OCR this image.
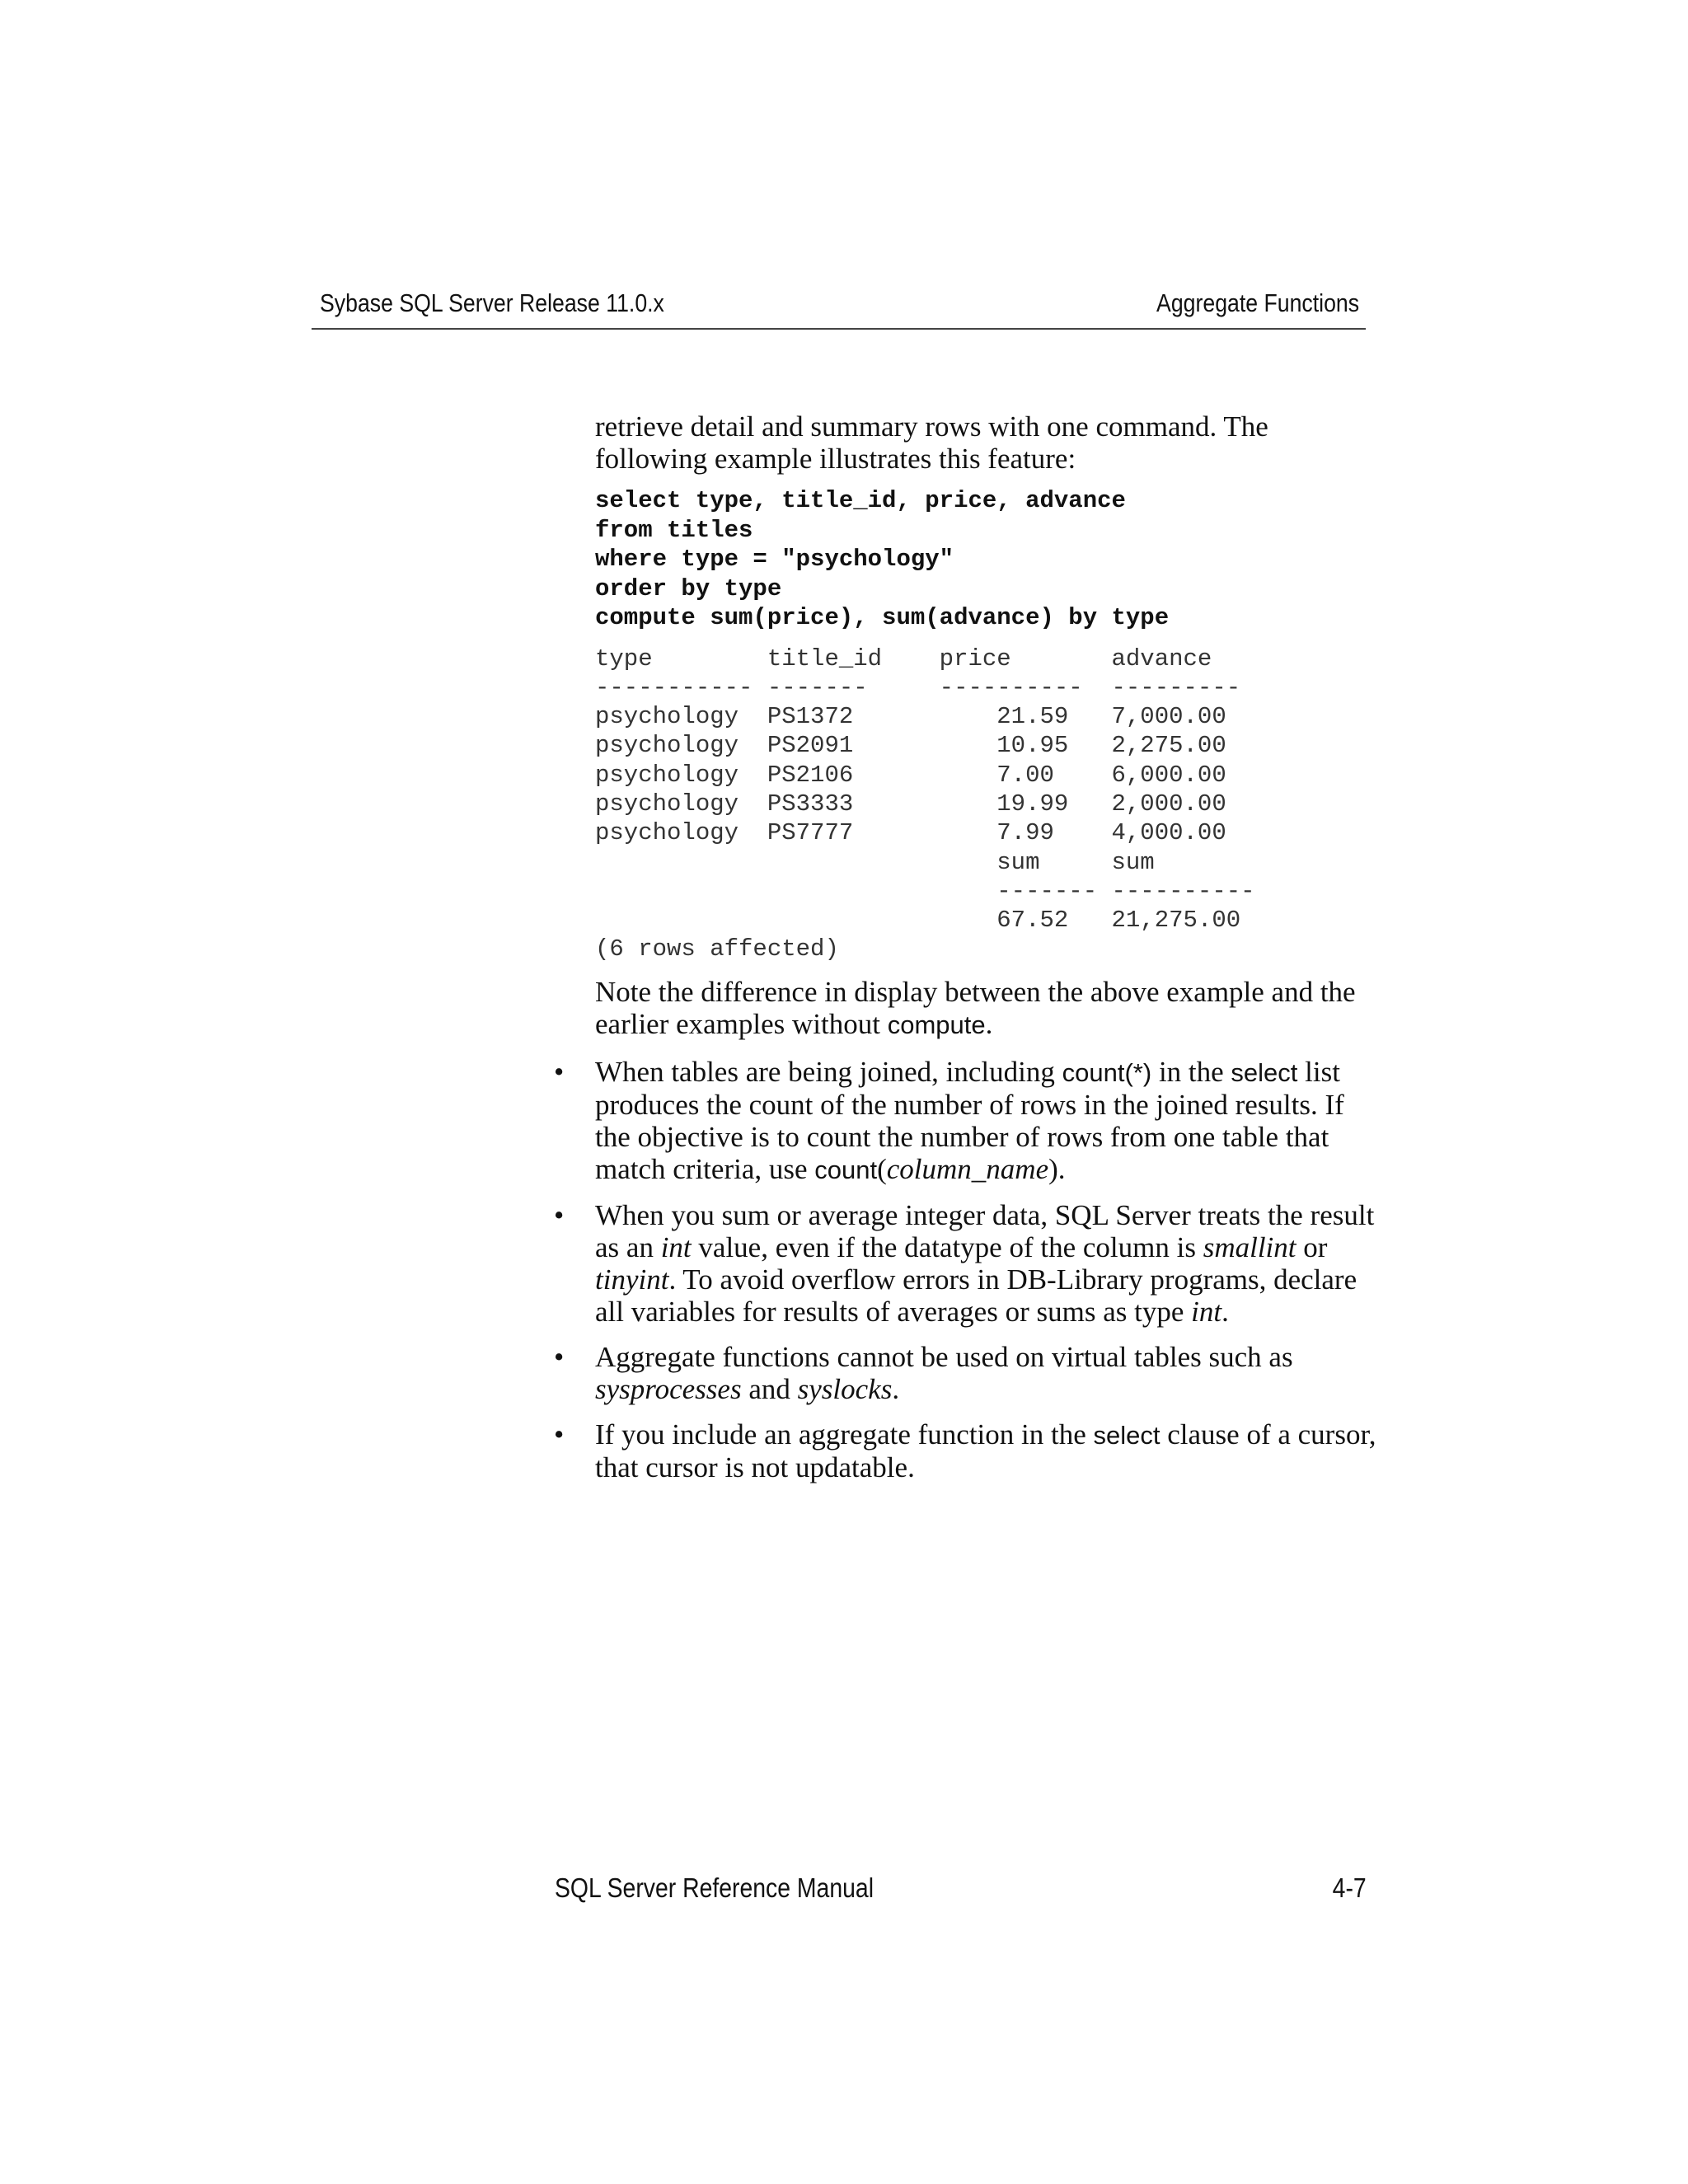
Sybase SQL Server Release 11.0.x	Aggregate Functions

retrieve detail and summary rows with one command. The following example illustrates this feature:

select type, title_id, price, advance
from titles
where type = "psychology"
order by type
compute sum(price), sum(advance) by type
type        title_id    price       advance
----------- -------     ----------  ---------
psychology  PS1372          21.59   7,000.00
psychology  PS2091          10.95   2,275.00
psychology  PS2106          7.00    6,000.00
psychology  PS3333          19.99   2,000.00
psychology  PS7777          7.99    4,000.00
sum     sum
------- ----------
67.52   21,275.00
(6 rows affected)

Note the difference in display between the above example and the earlier examples without compute.

• When tables are being joined, including count(*) in the select list produces the count of the number of rows in the joined results. If the objective is to count the number of rows from one table that match criteria, use count(column_name).

• When you sum or average integer data, SQL Server treats the result as an int value, even if the datatype of the column is smallint or tinyint. To avoid overflow errors in DB-Library programs, declare all variables for results of averages or sums as type int.

• Aggregate functions cannot be used on virtual tables such as sysprocesses and syslocks.

• If you include an aggregate function in the select clause of a cursor, that cursor is not updatable.

SQL Server Reference Manual	4-7
